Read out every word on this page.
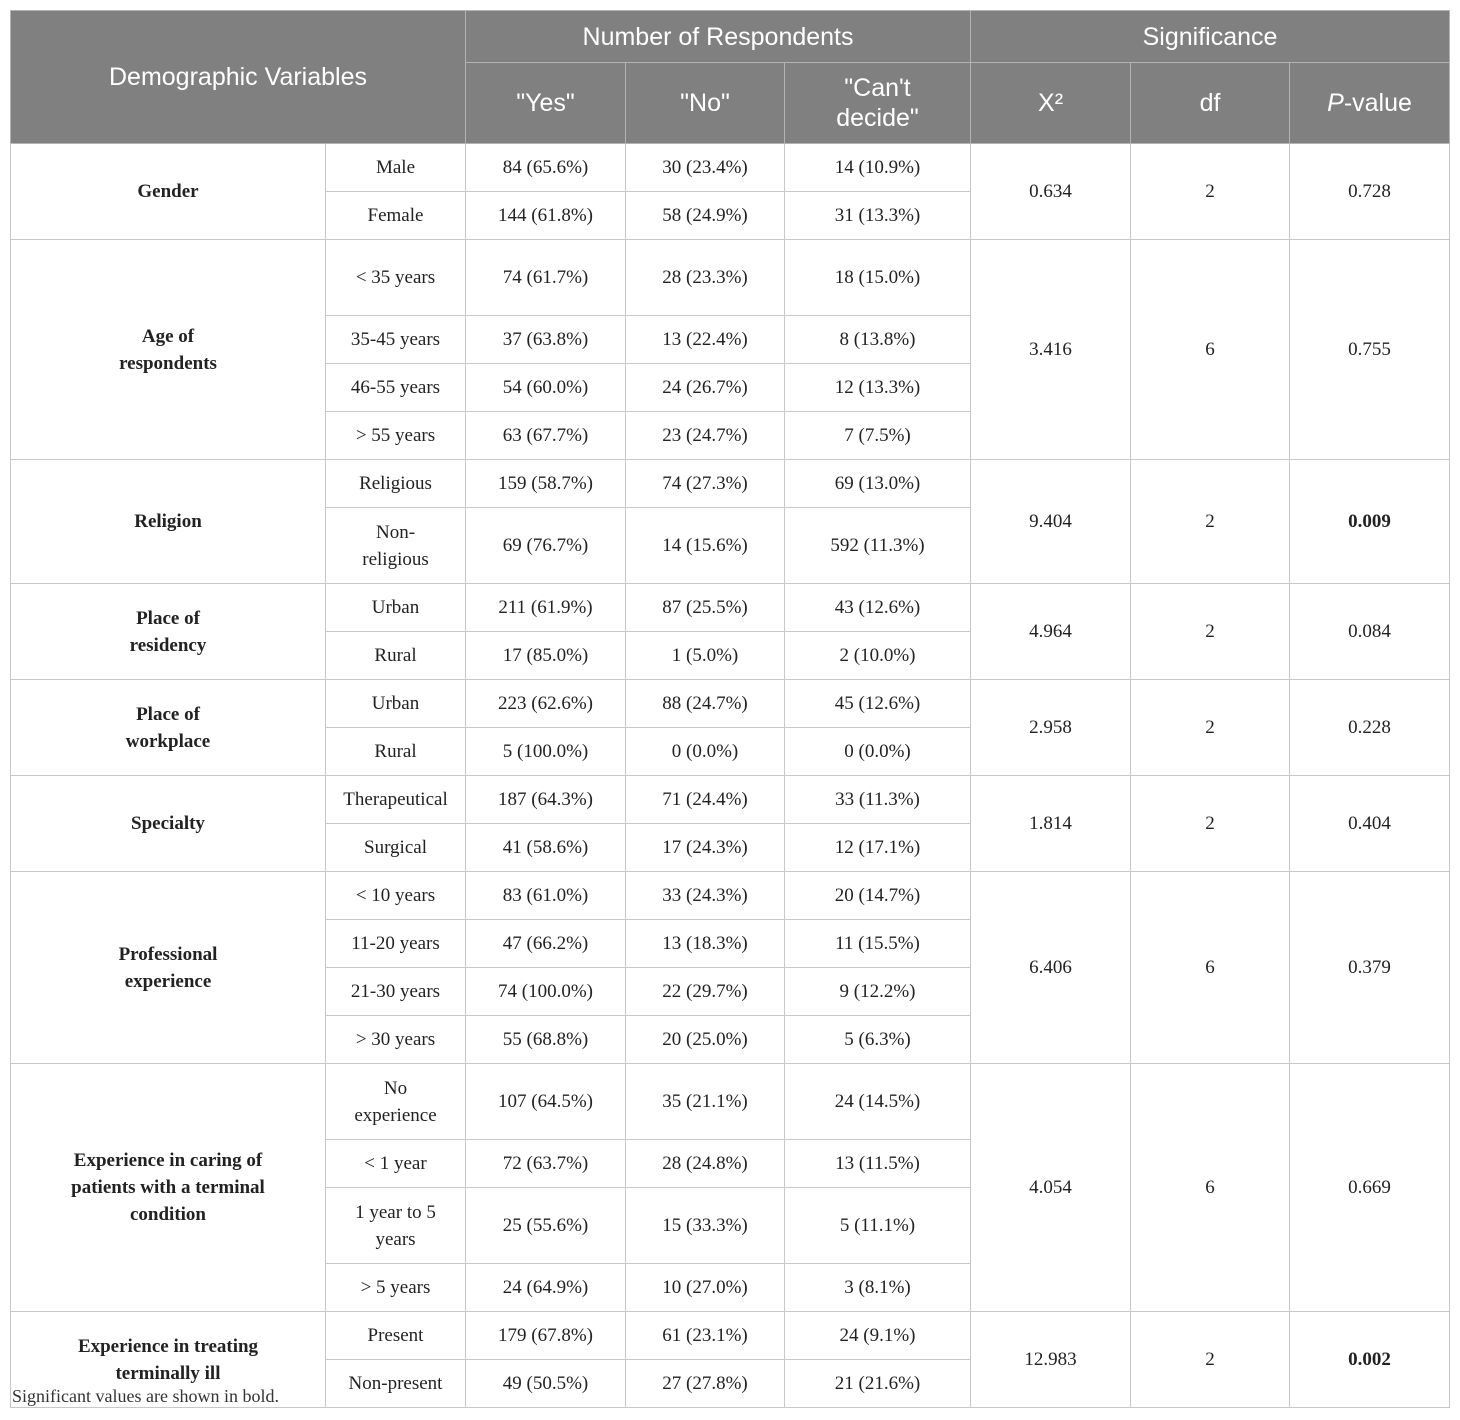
Demographic Variables		Number of Respondents			Significance		
		"Yes"	"No"	"Can't decide"	X²	df	P-value
Gender	Male	84 (65.6%)	30 (23.4%)	14 (10.9%)	0.634	2	0.728
	Female	144 (61.8%)	58 (24.9%)	31 (13.3%)			
Age of respondents	< 35 years	74 (61.7%)	28 (23.3%)	18 (15.0%)	3.416	6	0.755
	35-45 years	37 (63.8%)	13 (22.4%)	8 (13.8%)			
	46-55 years	54 (60.0%)	24 (26.7%)	12 (13.3%)			
	> 55 years	63 (67.7%)	23 (24.7%)	7 (7.5%)			
Religion	Religious	159 (58.7%)	74 (27.3%)	69 (13.0%)	9.404	2	0.009
	Non-religious	69 (76.7%)	14 (15.6%)	592 (11.3%)			
Place of residency	Urban	211 (61.9%)	87 (25.5%)	43 (12.6%)	4.964	2	0.084
	Rural	17 (85.0%)	1 (5.0%)	2 (10.0%)			
Place of workplace	Urban	223 (62.6%)	88 (24.7%)	45 (12.6%)	2.958	2	0.228
	Rural	5 (100.0%)	0 (0.0%)	0 (0.0%)			
Specialty	Therapeutical	187 (64.3%)	71 (24.4%)	33 (11.3%)	1.814	2	0.404
	Surgical	41 (58.6%)	17 (24.3%)	12 (17.1%)			
Professional experience	< 10 years	83 (61.0%)	33 (24.3%)	20 (14.7%)	6.406	6	0.379
	11-20 years	47 (66.2%)	13 (18.3%)	11 (15.5%)			
	21-30 years	74 (100.0%)	22 (29.7%)	9 (12.2%)			
	> 30 years	55 (68.8%)	20 (25.0%)	5 (6.3%)			
Experience in caring of patients with a terminal condition	No experience	107 (64.5%)	35 (21.1%)	24 (14.5%)	4.054	6	0.669
	< 1 year	72 (63.7%)	28 (24.8%)	13 (11.5%)			
	1 year to 5 years	25 (55.6%)	15 (33.3%)	5 (11.1%)			
	> 5 years	24 (64.9%)	10 (27.0%)	3 (8.1%)			
Experience in treating terminally ill	Present	179 (67.8%)	61 (23.1%)	24 (9.1%)	12.983	2	0.002
	Non-present	49 (50.5%)	27 (27.8%)	21 (21.6%)			
Significant values are shown in bold.
